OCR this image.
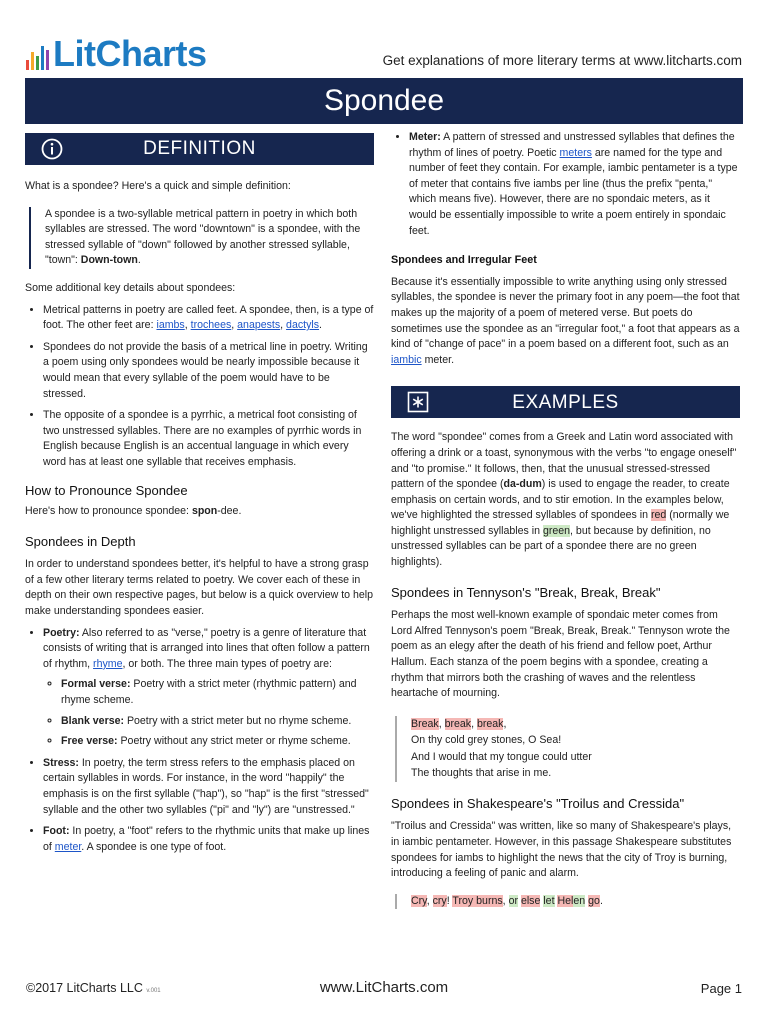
LitCharts	Get explanations of more literary terms at www.litcharts.com
Spondee
DEFINITION

What is a spondee? Here's a quick and simple definition:

A spondee is a two-syllable metrical pattern in poetry in which both syllables are stressed. The word "downtown" is a spondee, with the stressed syllable of "down" followed by another stressed syllable, "town": Down-town.

Some additional key details about spondees:

• Metrical patterns in poetry are called feet. A spondee, then, is a type of foot. The other feet are: iambs, trochees, anapests, dactyls.
• Spondees do not provide the basis of a metrical line in poetry. Writing a poem using only spondees would be nearly impossible because it would mean that every syllable of the poem would have to be stressed.
• The opposite of a spondee is a pyrrhic, a metrical foot consisting of two unstressed syllables. There are no examples of pyrrhic words in English because English is an accentual language in which every word has at least one syllable that receives emphasis.
How to Pronounce Spondee

Here's how to pronounce spondee: spon-dee.

Spondees in Depth

In order to understand spondees better, it's helpful to have a strong grasp of a few other literary terms related to poetry. We cover each of these in depth on their own respective pages, but below is a quick overview to help make understanding spondees easier.

• Poetry: Also referred to as "verse," poetry is a genre of literature that consists of writing that is arranged into lines that often follow a pattern of rhythm, rhyme, or both. The three main types of poetry are:
◦ Formal verse: Poetry with a strict meter (rhythmic pattern) and rhyme scheme.
◦ Blank verse: Poetry with a strict meter but no rhyme scheme.
◦ Free verse: Poetry without any strict meter or rhyme scheme.
• Stress: In poetry, the term stress refers to the emphasis placed on certain syllables in words. For instance, in the word "happily" the emphasis is on the first syllable ("hap"), so "hap" is the first "stressed" syllable and the other two syllables ("pi" and "ly") are "unstressed."
• Foot: In poetry, a "foot" refers to the rhythmic units that make up lines of meter. A spondee is one type of foot.
• Meter: A pattern of stressed and unstressed syllables that defines the rhythm of lines of poetry. Poetic meters are named for the type and number of feet they contain. For example, iambic pentameter is a type of meter that contains five iambs per line (thus the prefix "penta," which means five). However, there are no spondaic meters, as it would be essentially impossible to write a poem entirely in spondaic feet.
Spondees and Irregular Feet

Because it's essentially impossible to write anything using only stressed syllables, the spondee is never the primary foot in any poem—the foot that makes up the majority of a poem of metered verse. But poets do sometimes use the spondee as an "irregular foot," a foot that appears as a kind of "change of pace" in a poem based on a different foot, such as an iambic meter.

EXAMPLES

The word "spondee" comes from a Greek and Latin word associated with offering a drink or a toast, synonymous with the verbs "to engage oneself" and "to promise." It follows, then, that the unusual stressed-stressed pattern of the spondee (da-dum) is used to engage the reader, to create emphasis on certain words, and to stir emotion. In the examples below, we've highlighted the stressed syllables of spondees in red (normally we highlight unstressed syllables in green, but because by definition, no unstressed syllables can be part of a spondee there are no green highlights).

Spondees in Tennyson's "Break, Break, Break"

Perhaps the most well-known example of spondaic meter comes from Lord Alfred Tennyson's poem "Break, Break, Break." Tennyson wrote the poem as an elegy after the death of his friend and fellow poet, Arthur Hallum. Each stanza of the poem begins with a spondee, creating a rhythm that mirrors both the crashing of waves and the relentless heartache of mourning.

Break, break, break,
On thy cold grey stones, O Sea!
And I would that my tongue could utter
The thoughts that arise in me.
Spondees in Shakespeare's "Troilus and Cressida"

"Troilus and Cressida" was written, like so many of Shakespeare's plays, in iambic pentameter. However, in this passage Shakespeare substitutes spondees for iambs to highlight the news that the city of Troy is burning, introducing a feeling of panic and alarm.

Cry, cry! Troy burns, or else let Helen go.
©2017 LitCharts LLC v.001	www.LitCharts.com	Page 1
